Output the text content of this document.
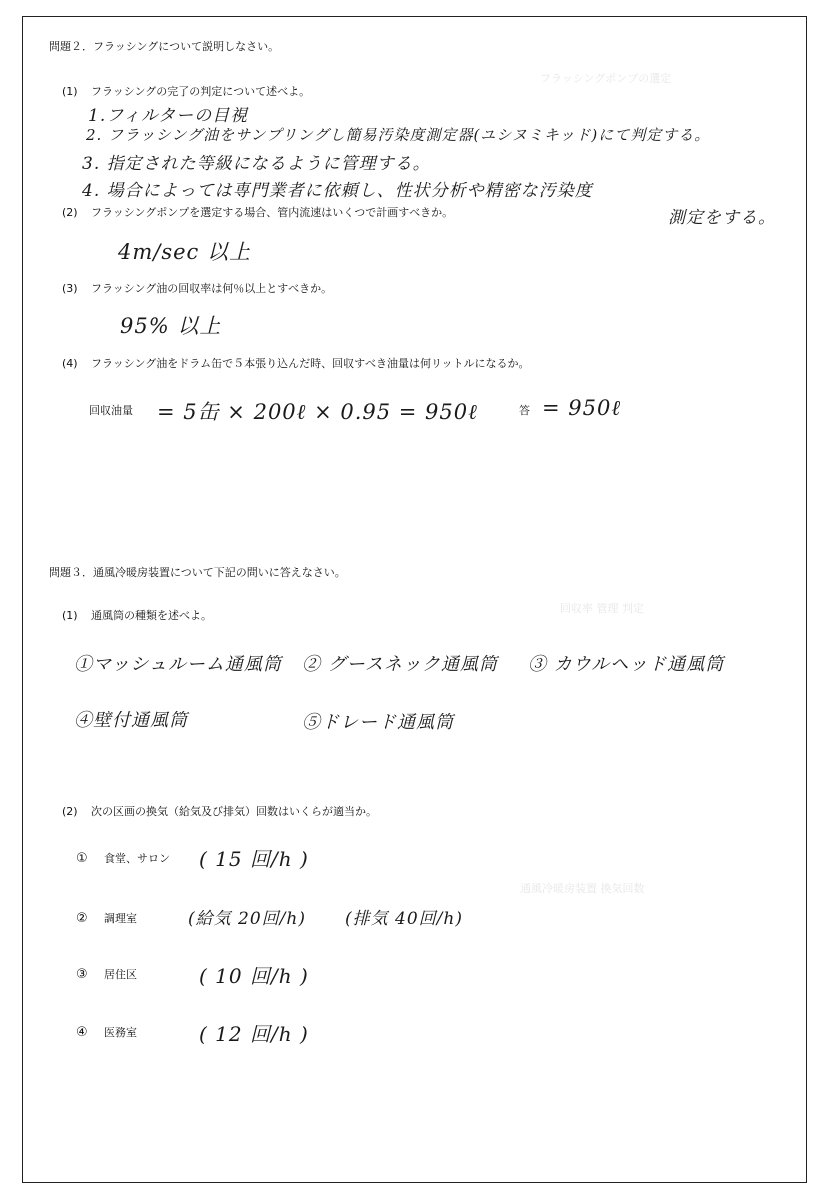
フラッシングポンプの選定
回収率 管理 判定
通風冷暖房装置 換気回数
問題２．フラッシングについて説明しなさい。
(1) フラッシングの完了の判定について述べよ。
1.フィルターの目視
2. フラッシング油をサンプリングし簡易汚染度測定器(ユシヌミキッド)にて判定する。
3. 指定された等級になるように管理する。
4. 場合によっては専門業者に依頼し、性状分析や精密な汚染度
測定をする。
(2) フラッシングポンプを選定する場合、管内流速はいくつで計画すべきか。
4m/sec 以上
(3) フラッシング油の回収率は何％以上とすべきか。
95% 以上
(4) フラッシング油をドラム缶で５本張り込んだ時、回収すべき油量は何リットルになるか。
回収油量 = 5缶 × 200ℓ × 0.95 = 950ℓ	答 = 950ℓ
問題３．通風冷暖房装置について下記の問いに答えなさい。
(1) 通風筒の種類を述べよ。
①マッシュルーム通風筒 ② グースネック通風筒 ③ カウルヘッド通風筒
④壁付通風筒	⑤ドレード通風筒
(2) 次の区画の換気（給気及び排気）回数はいくらが適当か。
① 食堂、サロン ( 15 回/h )
② 調理室	(給気 20回/h) (排気 40回/h)
③ 居住区	( 10 回/h )
④ 医務室	( 12 回/h )
